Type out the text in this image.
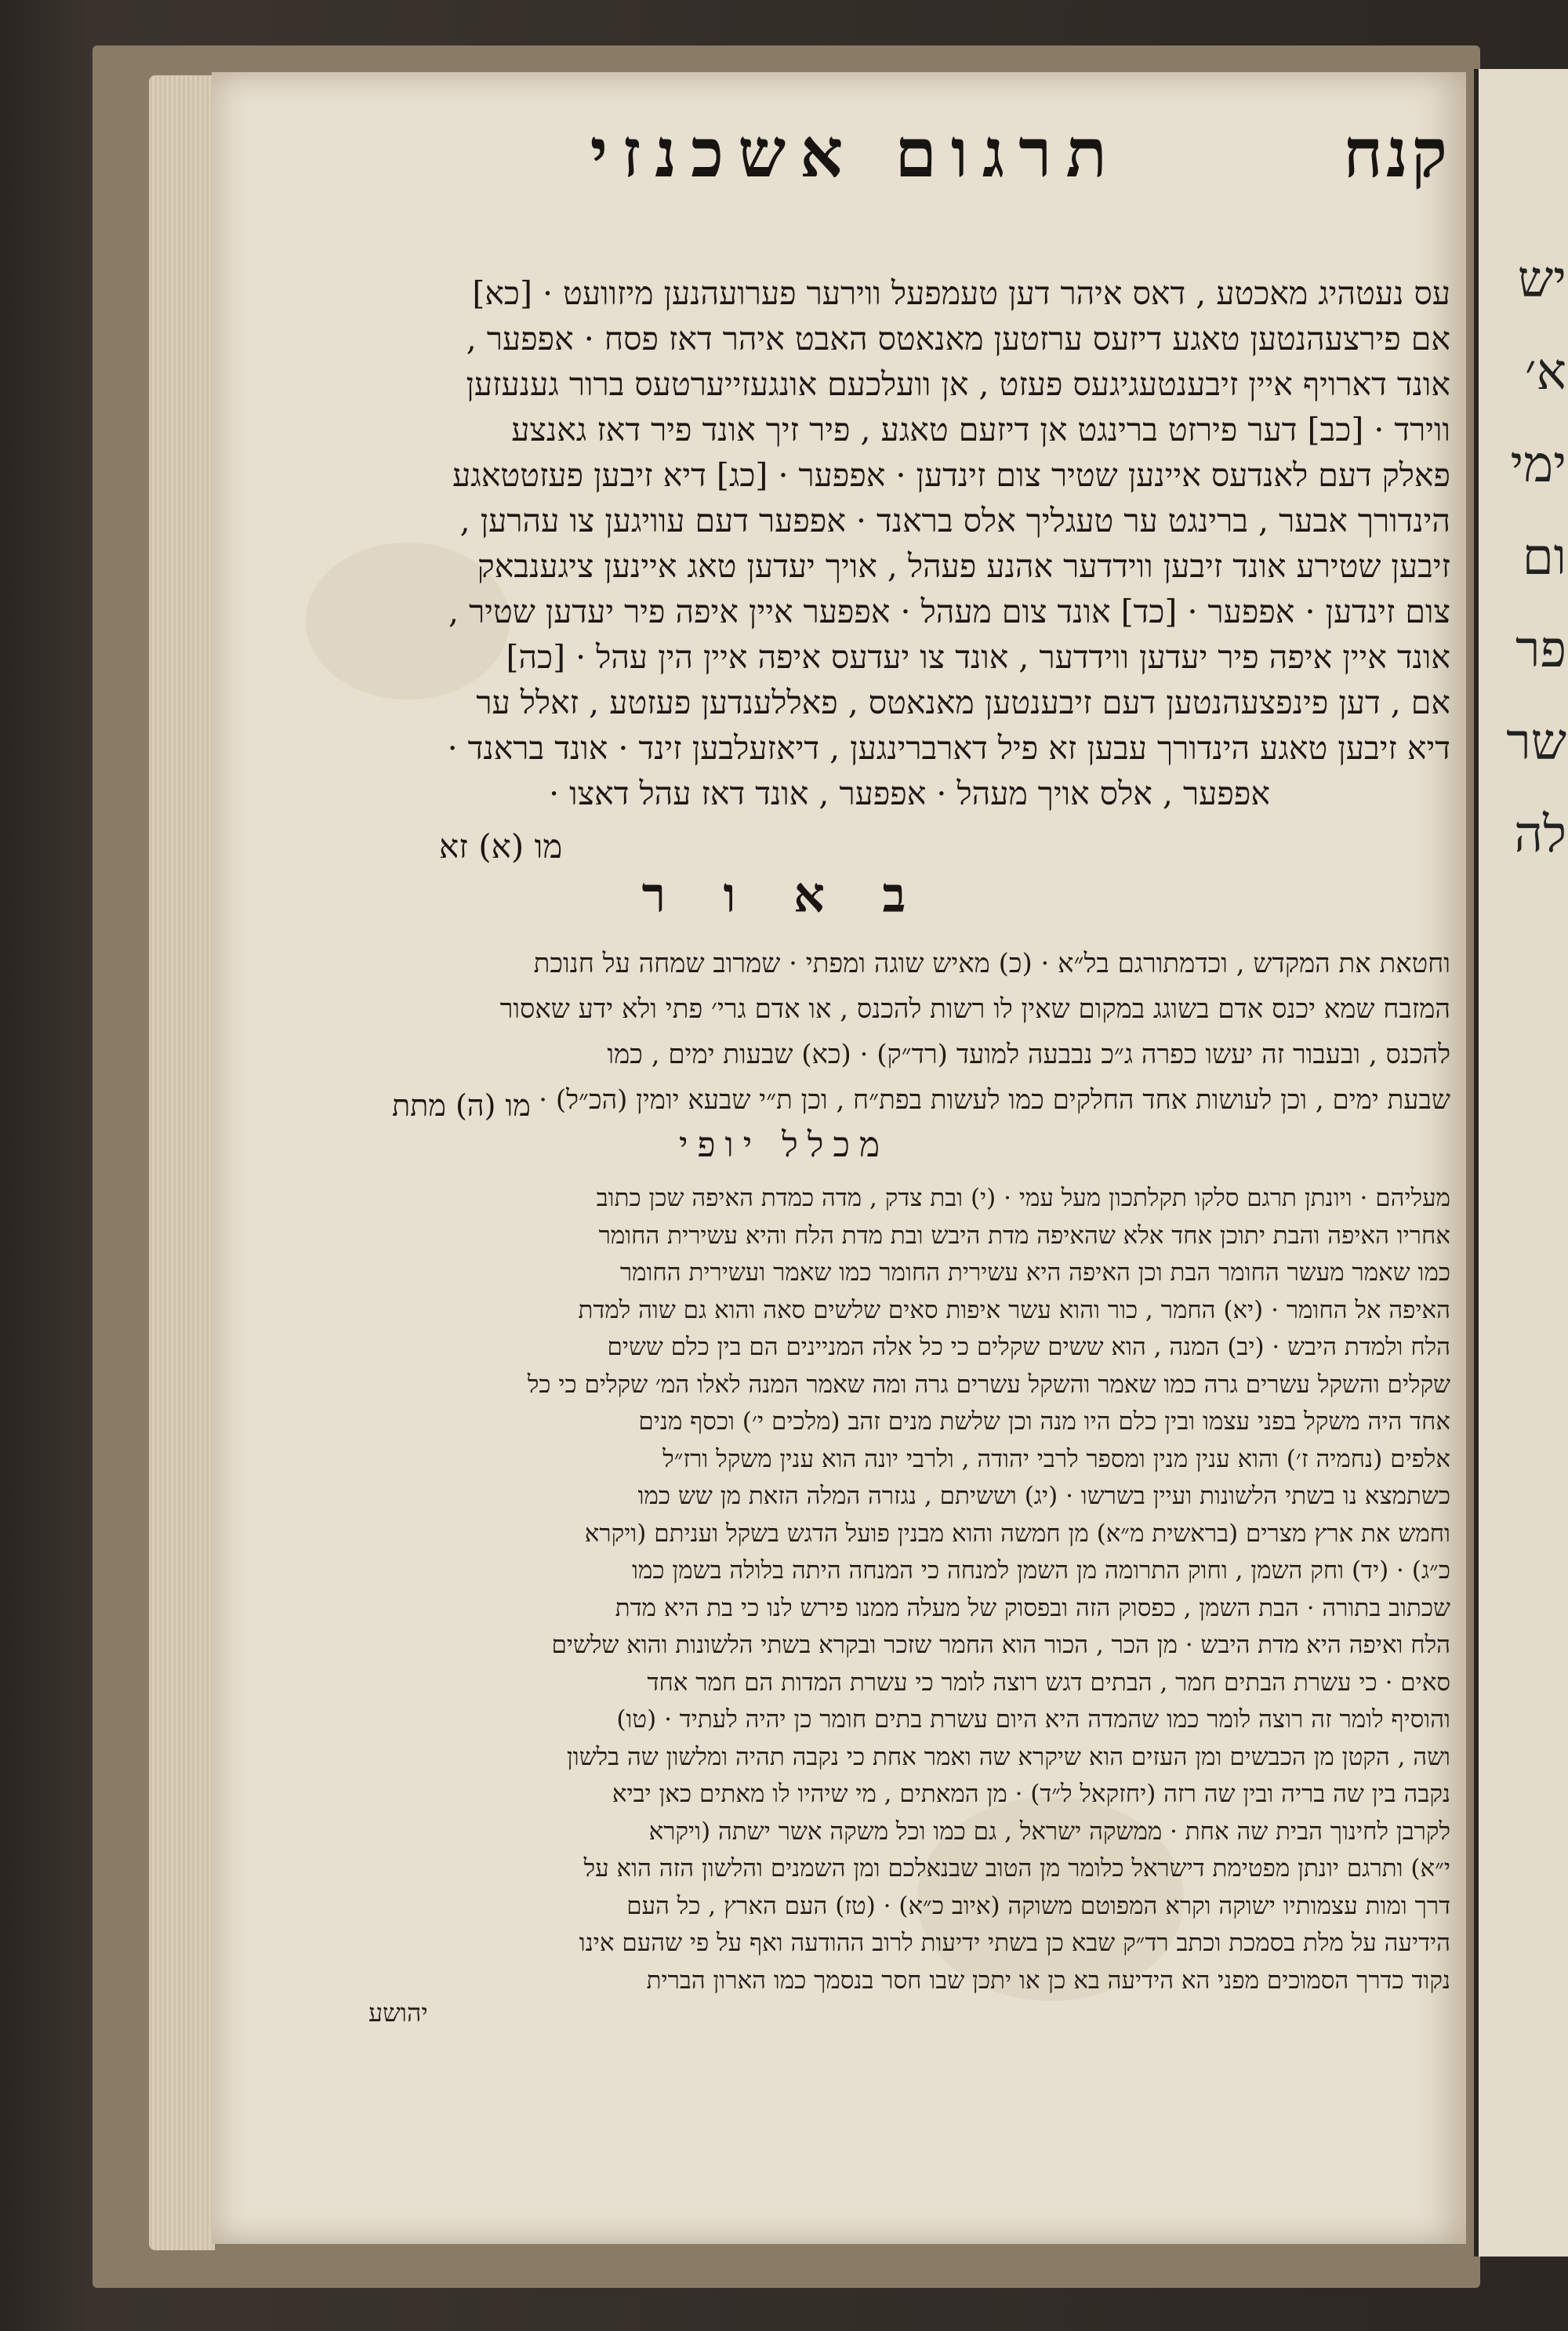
יש
א׳
ימי
ום
פר
שר
לה
קנח
תרגום אשכנזי
עס נעטהיג מאכטע , דאס איהר דען טעמפעל ווירער פערועהנען מיזוועט · [כא]
אם פירצעהנטען טאגע דיזעס ערזטען מאנאטס האבט איהר דאז פסח · אפפער ,
אונד דארויף איין זיבענטעגיגעס פעזט , אן וועלכעם אונגעזייערטעס ברור גענעזען
ווירד · [כב] דער פירזט ברינגט אן דיזעם טאגע , פיר זיך אונד פיר דאז גאנצע
פאלק דעם לאנדעס איינען שטיר צום זינדען · אפפער · [כג] דיא זיבען פעזטטאגע
הינדורך אבער , ברינגט ער טעגליך אלס בראנד · אפפער דעם עוויגען צו עהרען ,
זיבען שטירע אונד זיבען ווידדער אהנע פעהל , אויך יעדען טאג איינען ציגענבאק
צום זינדען · אפפער · [כד] אונד צום מעהל · אפפער איין איפה פיר יעדען שטיר ,
אונד איין איפה פיר יעדען ווידדער , אונד צו יעדעס איפה איין הין עהל · [כה]
אם , דען פינפצעהנטען דעם זיבענטען מאנאטס , פאללענדען פעזטע , זאלל ער
דיא זיבען טאגע הינדורך עבען זא פיל דארברינגען , דיאזעלבען זינד · אונד בראנד ·
אפפער , אלס אויך מעהל · אפפער , אונד דאז עהל דאצו ·
מו (א) זא
ב א ו ר
וחטאת את המקדש , וכדמתורגם בל״א · (כ) מאיש שוגה ומפתי · שמרוב שמחה על חנוכת
המזבח שמא יכנס אדם בשוגג במקום שאין לו רשות להכנס , או אדם גרי׳ פתי ולא ידע שאסור
להכנס , ובעבור זה יעשו כפרה ג״כ נבבעה למועד (רד״ק) · (כא) שבעות ימים , כמו
שבעת ימים , וכן לעושות אחד החלקים כמו לעשות בפת״ח , וכן ת״י שבעא יומין (הכ״ל) ·
מו (ה) מתת
מכלל יופי
מעליהם · ויונתן תרגם סלקו תקלתכון מעל עמי · (י) ובת צדק , מדה כמדת האיפה שכן כתוב
אחריו האיפה והבת יתוכן אחד אלא שהאיפה מדת היבש ובת מדת הלח והיא עשירית החומר
כמו שאמר מעשר החומר הבת וכן האיפה היא עשירית החומר כמו שאמר ועשירית החומר
האיפה אל החומר · (יא) החמר , כור והוא עשר איפות סאים שלשים סאה והוא גם שוה למדת
הלח ולמדת היבש · (יב) המנה , הוא ששים שקלים כי כל אלה המניינים הם בין כלם ששים
שקלים והשקל עשרים גרה כמו שאמר והשקל עשרים גרה ומה שאמר המנה לאלו המ׳ שקלים כי כל
אחד היה משקל בפני עצמו ובין כלם היו מנה וכן שלשת מנים זהב (מלכים י׳) וכסף מנים
אלפים (נחמיה ז׳) והוא ענין מנין ומספר לרבי יהודה , ולרבי יונה הוא ענין משקל ורז״ל
כשתמצא נו בשתי הלשונות ועיין בשרשו · (יג) וששיתם , נגזרה המלה הזאת מן שש כמו
וחמש את ארץ מצרים (בראשית מ״א) מן חמשה והוא מבנין פועל הדגש בשקל ועניתם (ויקרא
כ״ג) · (יד) וחק השמן , וחוק התרומה מן השמן למנחה כי המנחה היתה בלולה בשמן כמו
שכתוב בתורה · הבת השמן , כפסוק הזה ובפסוק של מעלה ממנו פירש לנו כי בת היא מדת
הלח ואיפה היא מדת היבש · מן הכר , הכור הוא החמר שזכר ובקרא בשתי הלשונות והוא שלשים
סאים · כי עשרת הבתים חמר , הבתים דגש רוצה לומר כי עשרת המדות הם חמר אחד
והוסיף לומר זה רוצה לומר כמו שהמדה היא היום עשרת בתים חומר כן יהיה לעתיד · (טו)
ושה , הקטן מן הכבשים ומן העזים הוא שיקרא שה ואמר אחת כי נקבה תהיה ומלשון שה בלשון
נקבה בין שה בריה ובין שה רזה (יחזקאל ל״ד) · מן המאתים , מי שיהיו לו מאתים כאן יביא
לקרבן לחינוך הבית שה אחת · ממשקה ישראל , גם כמו וכל משקה אשר ישתה (ויקרא
י״א) ותרגם יונתן מפטימת דישראל כלומר מן הטוב שבנאלכם ומן השמנים והלשון הזה הוא על
דרך ומות עצמותיו ישוקה וקרא המפוטם משוקה (איוב כ״א) · (טז) העם הארץ , כל העם
הידיעה על מלת בסמכת וכתב רד״ק שבא כן בשתי ידיעות לרוב ההודעה ואף על פי שהעם אינו
נקוד כדרך הסמוכים מפני הא הידיעה בא כן או יתכן שבו חסר בנסמך כמו הארון הברית
יהושע
